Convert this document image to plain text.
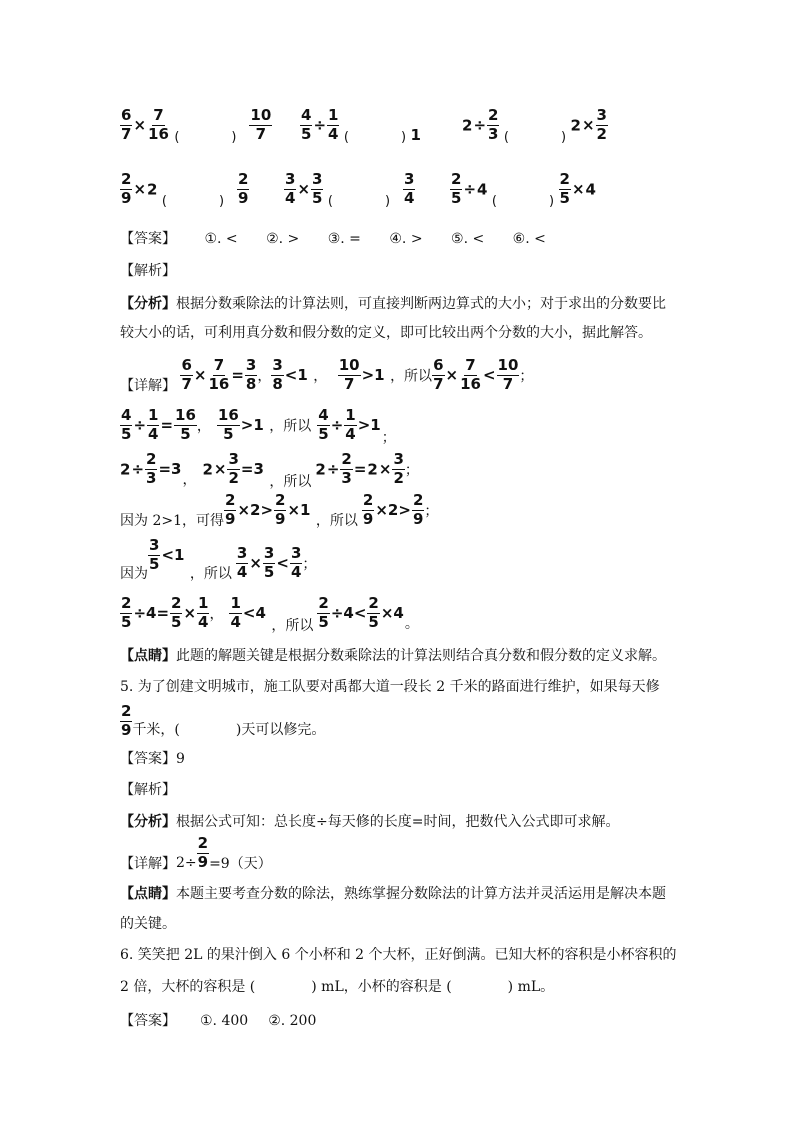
$\frac{6}{7} \times \frac{7}{16}$ (　　　　) $\frac{10}{7} \frac{4}{5} \div \frac{1}{4}$ (　　　　) 1
$2\div \frac{2}{3}$ (　　　　) $2\times \frac{3}{2}$
$\frac{2}{9} \times 2$ (　　　　) $\frac{2}{9} \frac{3}{4} \times \frac{3}{5}$ (　　　　) $\frac{3}{4} \frac{2}{5} \div 4$ (　　　　) $\frac{2}{5} \times 4$
【答案】 ①. < ②. > ③. = ④. > ⑤. < ⑥. <
【解析】
【分析】根据分数乘除法的计算法则，可直接判断两边算式的大小；对于求出的分数要比
较大小的话，可利用真分数和假分数的定义，即可比较出两个分数的大小，据此解答。
【详解】 $\frac{6}{7} \times \frac{7}{16} = \frac{3}{8}$ ， $\frac{3}{8} <1$ ， $\frac{10}{7} >1$ ，所以 $\frac{6}{7} \times \frac{7}{16} < \frac{10}{7}$ ；
$\frac{4}{5} \div \frac{1}{4} = \frac{16}{5}$ ， $\frac{16}{5} >1$ ，所以 $\frac{4}{5} \div \frac{1}{4} >1$；
$2\div \frac{2}{3} =3$，$2\times \frac{3}{2} =3$ ，所以$2\div \frac{2}{3} =2\times \frac{3}{2}$ ；
因为 2>1，可得 $\frac{2}{9} \times 2> \frac{2}{9} \times 1$ ，所以 $\frac{2}{9} \times 2> \frac{2}{9}$ ；
因为
$\frac{3}{5} <1$ ，所以 $\frac{3}{4} \times \frac{3}{5} < \frac{3}{4}$ ；
$\frac{2}{5} \div 4= \frac{2}{5} \times \frac{1}{4}$ ， $\frac{1}{4} <4$ ，所以 $\frac{2}{5} \div 4< \frac{2}{5} \times 4$。
【点睛】此题的解题关键是根据分数乘除法的计算法则结合真分数和假分数的定义求解。
5. 为了创建文明城市，施工队要对禹都大道一段长 2 千米的路面进行维护，如果每天修
$\frac{2}{9}$ 千米，(　　　　)天可以修完。
【答案】9
【解析】
【分析】根据公式可知：总长度÷每天修的长度=时间，把数代入公式即可求解。
【详解】$2\div \frac{2}{9} =9$（天）
【点睛】本题主要考查分数的除法，熟练掌握分数除法的计算方法并灵活运用是解决本题
的关键。
6. 笑笑把 2L 的果汁倒入 6 个小杯和 2 个大杯，正好倒满。已知大杯的容积是小杯容积的
2 倍，大杯的容积是 (　　　　) mL，小杯的容积是 (　　　　) mL。
【答案】 ①. 400 ②. 200
